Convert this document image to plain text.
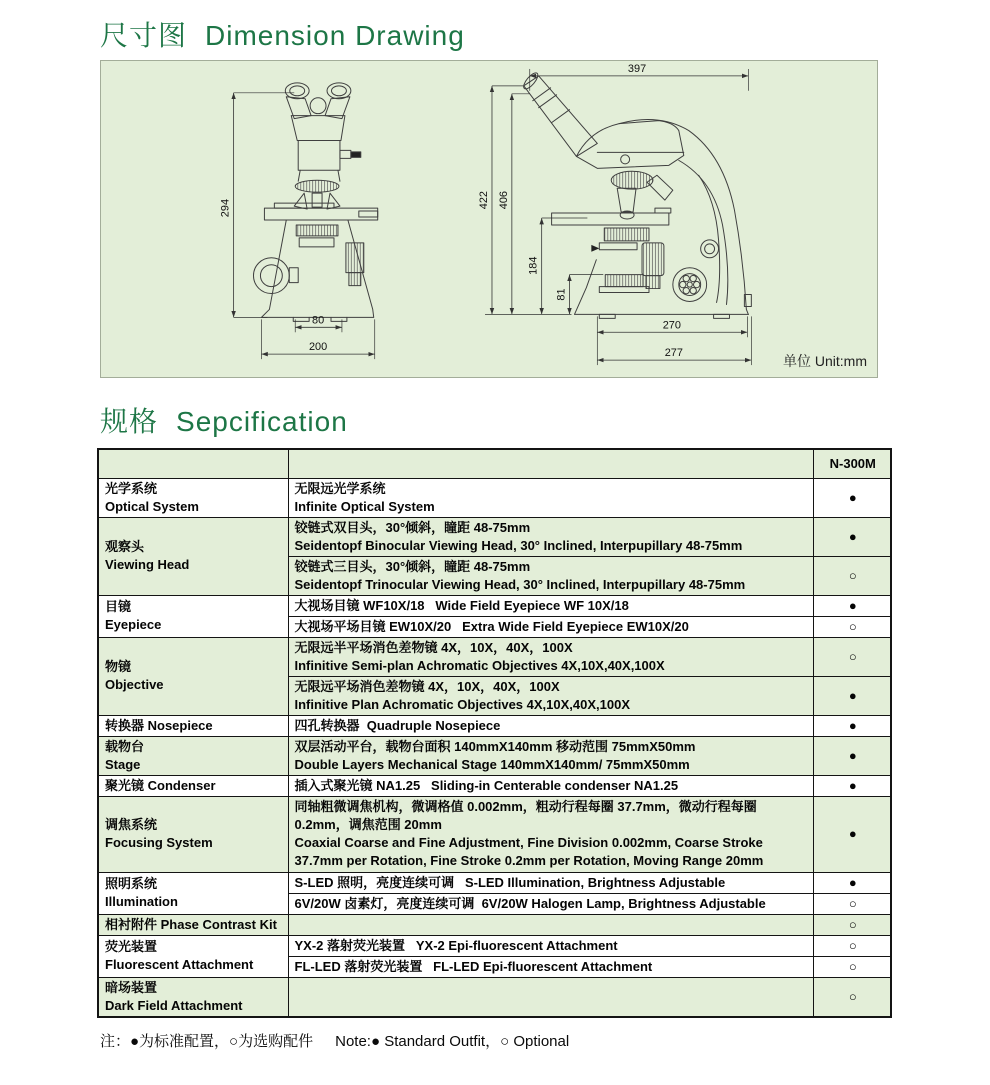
尺寸图 Dimension Drawing
294
80
200
397
422 406
184
81
270
277	单位 Unit:mm
规格 Sepcification
		N-300M

光学系统
Optical System

无限远光学系统
Infinite Optical System
	●

观察头
Viewing Head

铰链式双目头，30°倾斜，瞳距 48-75mm
Seidentopf Binocular Viewing Head, 30° Inclined, Interpupillary 48-75mm
	●

	铰链式三目头，30°倾斜，瞳距 48-75mm
Seidentopf Trinocular Viewing Head, 30° Inclined, Interpupillary 48-75mm	○

目镜
Eyepiece	大视场目镜 WF10X/18   Wide Field Eyepiece WF 10X/18	●

	大视场平场目镜 EW10X/20   Extra Wide Field Eyepiece EW10X/20	○

物镜
Objective

无限远半平场消色差物镜 4X，10X，40X，100X
Infinitive Semi-plan Achromatic Objectives 4X,10X,40X,100X
	○

	无限远平场消色差物镜 4X，10X，40X，100X
Infinitive Plan Achromatic Objectives 4X,10X,40X,100X	●

转换器 Nosepiece	四孔转换器  Quadruple Nosepiece	●

载物台
Stage

双层活动平台，载物台面积 140mmX140mm 移动范围 75mmX50mm
Double Layers Mechanical Stage 140mmX140mm/ 75mmX50mm
	●

聚光镜 Condenser	插入式聚光镜 NA1.25   Sliding-in Centerable condenser NA1.25	●

调焦系统
Focusing System

同轴粗微调焦机构，微调格值 0.002mm，粗动行程每圈 37.7mm，微动行程每圈 0.2mm，调焦范围 20mm
Coaxial Coarse and Fine Adjustment, Fine Division 0.002mm, Coarse Stroke 37.7mm per Rotation, Fine Stroke 0.2mm per Rotation, Moving Range 20mm
	●

照明系统
Illumination	S-LED 照明，亮度连续可调   S-LED Illumination, Brightness Adjustable	●

	6V/20W 卤素灯，亮度连续可调  6V/20W Halogen Lamp, Brightness Adjustable	○

相衬附件 Phase Contrast Kit		○

荧光装置
Fluorescent Attachment	YX-2 落射荧光装置   YX-2 Epi-fluorescent Attachment	○

	FL-LED 落射荧光装置   FL-LED Epi-fluorescent Attachment	○

暗场装置
Dark Field Attachment		○
注：●为标准配置，○为选购配件 Note:● Standard Outfit，○ Optional
